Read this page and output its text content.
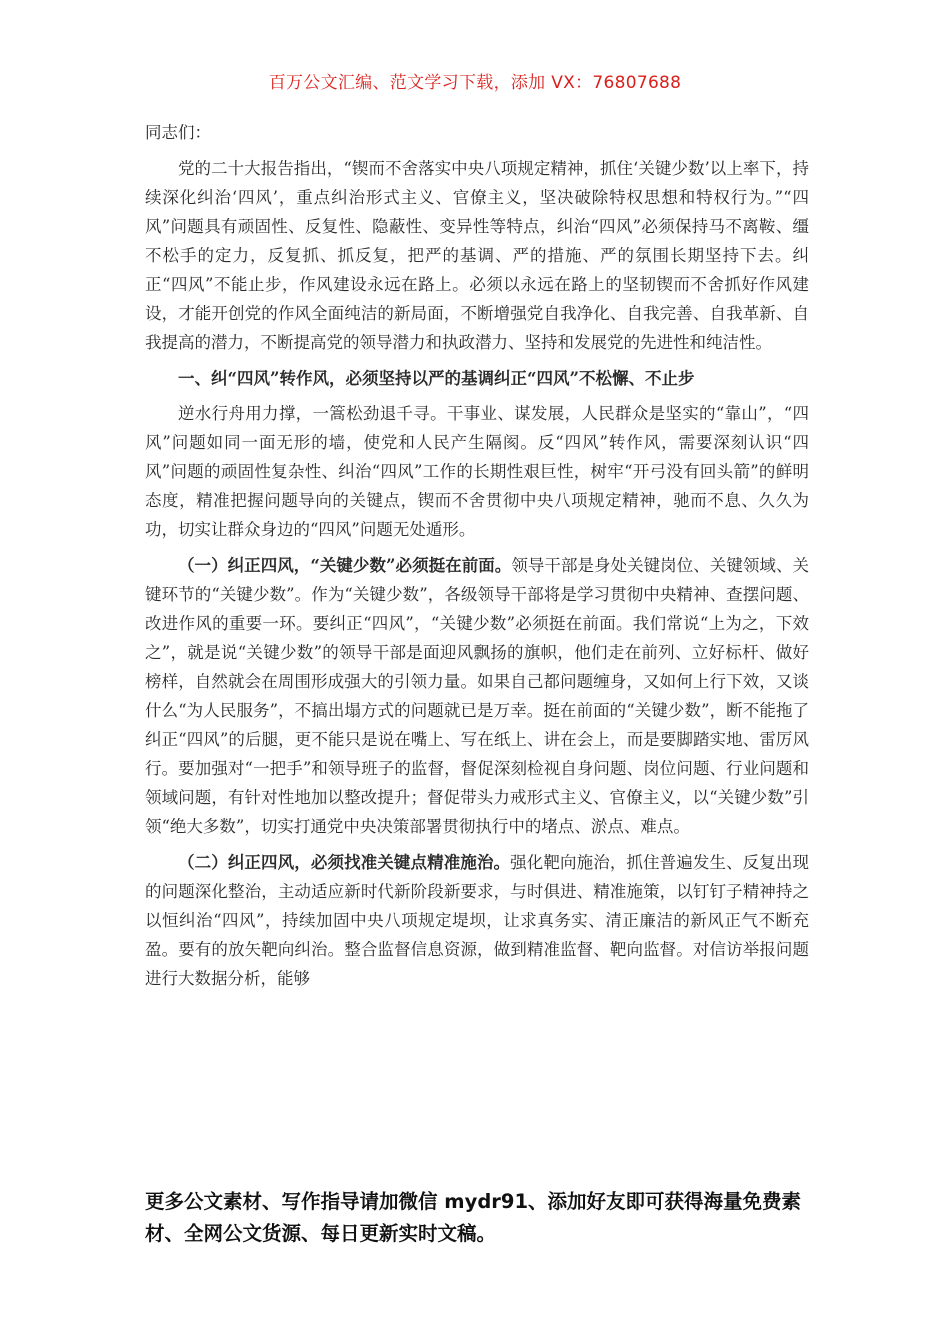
百万公文汇编、范文学习下载，添加 VX：76807688

同志们：

党的二十大报告指出，“锲而不舍落实中央八项规定精神，抓住‘关键少数’以上率下，持续深化纠治‘四风’，重点纠治形式主义、官僚主义，坚决破除特权思想和特权行为。”“四风”问题具有顽固性、反复性、隐蔽性、变异性等特点，纠治“四风”必须保持马不离鞍、缰不松手的定力，反复抓、抓反复，把严的基调、严的措施、严的氛围长期坚持下去。纠正“四风”不能止步，作风建设永远在路上。必须以永远在路上的坚韧锲而不舍抓好作风建设，才能开创党的作风全面纯洁的新局面，不断增强党自我净化、自我完善、自我革新、自我提高的潜力，不断提高党的领导潜力和执政潜力、坚持和发展党的先进性和纯洁性。

一、纠“四风”转作风，必须坚持以严的基调纠正“四风”不松懈、不止步

逆水行舟用力撑，一篙松劲退千寻。干事业、谋发展，人民群众是坚实的“靠山”，“四风”问题如同一面无形的墙，使党和人民产生隔阂。反“四风”转作风，需要深刻认识“四风”问题的顽固性复杂性、纠治“四风”工作的长期性艰巨性，树牢“开弓没有回头箭”的鲜明态度，精准把握问题导向的关键点，锲而不舍贯彻中央八项规定精神，驰而不息、久久为功，切实让群众身边的“四风”问题无处遁形。

（一）纠正四风，“关键少数”必须挺在前面。领导干部是身处关键岗位、关键领域、关键环节的“关键少数”。作为“关键少数”，各级领导干部将是学习贯彻中央精神、查摆问题、改进作风的重要一环。要纠正“四风”，“关键少数”必须挺在前面。我们常说“上为之，下效之”，就是说“关键少数”的领导干部是面迎风飘扬的旗帜，他们走在前列、立好标杆、做好榜样，自然就会在周围形成强大的引领力量。如果自己都问题缠身，又如何上行下效，又谈什么“为人民服务”，不搞出塌方式的问题就已是万幸。挺在前面的“关键少数”，断不能拖了纠正“四风”的后腿，更不能只是说在嘴上、写在纸上、讲在会上，而是要脚踏实地、雷厉风行。要加强对“一把手”和领导班子的监督，督促深刻检视自身问题、岗位问题、行业问题和领域问题，有针对性地加以整改提升；督促带头力戒形式主义、官僚主义，以“关键少数”引领“绝大多数”，切实打通党中央决策部署贯彻执行中的堵点、淤点、难点。

（二）纠正四风，必须找准关键点精准施治。强化靶向施治，抓住普遍发生、反复出现的问题深化整治，主动适应新时代新阶段新要求，与时俱进、精准施策，以钉钉子精神持之以恒纠治“四风”，持续加固中央八项规定堤坝，让求真务实、清正廉洁的新风正气不断充盈。要有的放矢靶向纠治。整合监督信息资源，做到精准监督、靶向监督。对信访举报问题进行大数据分析，能够

更多公文素材、写作指导请加微信 mydr91、添加好友即可获得海量免费素材、全网公文货源、每日更新实时文稿。
